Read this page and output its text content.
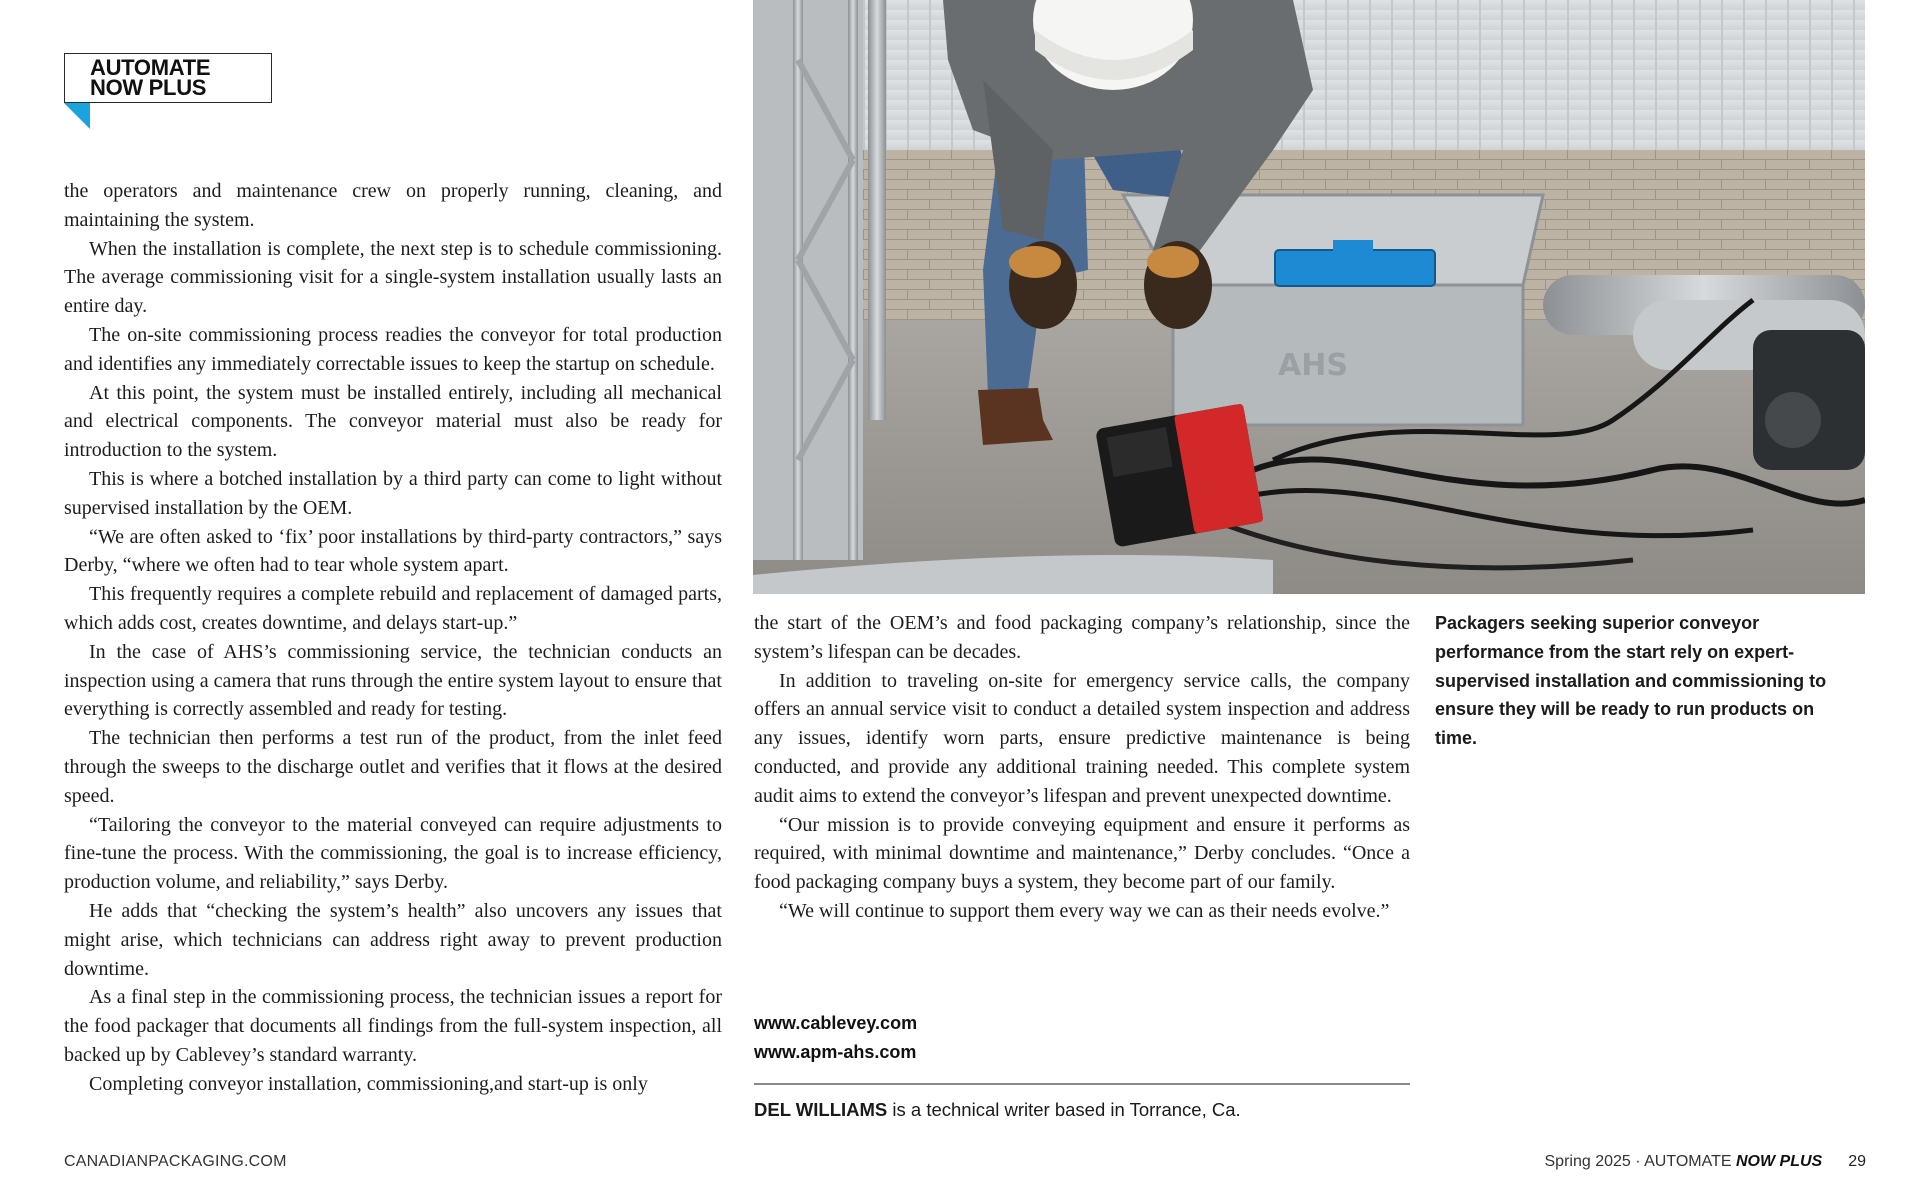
AUTOMATE
NOW PLUS

the operators and maintenance crew on properly running, cleaning, and maintaining the system.

When the installation is complete, the next step is to schedule commissioning. The average commissioning visit for a single-system installation usually lasts an entire day.

The on-site commissioning process readies the conveyor for total production and identifies any immediately correctable issues to keep the startup on schedule.

At this point, the system must be installed entirely, including all mechanical and electrical components. The conveyor material must also be ready for introduction to the system.

This is where a botched installation by a third party can come to light without supervised installation by the OEM.

“We are often asked to ‘fix’ poor installations by third-party contractors,” says Derby, “where we often had to tear whole system apart.

This frequently requires a complete rebuild and replacement of damaged parts, which adds cost, creates downtime, and delays start-up.”

In the case of AHS’s commissioning service, the technician conducts an inspection using a camera that runs through the entire system layout to ensure that everything is correctly assembled and ready for testing.

The technician then performs a test run of the product, from the inlet feed through the sweeps to the discharge outlet and verifies that it flows at the desired speed.

“Tailoring the conveyor to the material conveyed can require adjustments to fine-tune the process. With the commissioning, the goal is to increase efficiency, production volume, and reliability,” says Derby.

He adds that “checking the system’s health” also uncovers any issues that might arise, which technicians can address right away to prevent production downtime.

As a final step in the commissioning process, the technician issues a report for the food packager that documents all findings from the full-system inspection, all backed up by Cablevey’s standard warranty.

Completing conveyor installation, commissioning,and start-up is only

AHS
Packagers seeking superior conveyor performance from the start rely on expert-supervised installation and commissioning to ensure they will be ready to run products on time.

the start of the OEM’s and food packaging company’s relationship, since the system’s lifespan can be decades.

In addition to traveling on-site for emergency service calls, the company offers an annual service visit to conduct a detailed system inspection and address any issues, identify worn parts, ensure predictive maintenance is being conducted, and provide any additional training needed. This complete system audit aims to extend the conveyor’s lifespan and prevent unexpected downtime.

“Our mission is to provide conveying equipment and ensure it performs as required, with minimal downtime and maintenance,” Derby concludes. “Once a food packaging company buys a system, they become part of our family.

“We will continue to support them every way we can as their needs evolve.”

www.cablevey.com
www.apm-ahs.com
DEL WILLIAMS is a technical writer based in Torrance, Ca.
CANADIANPACKAGING.COM	Spring 2025 · AUTOMATE NOW PLUS 29
